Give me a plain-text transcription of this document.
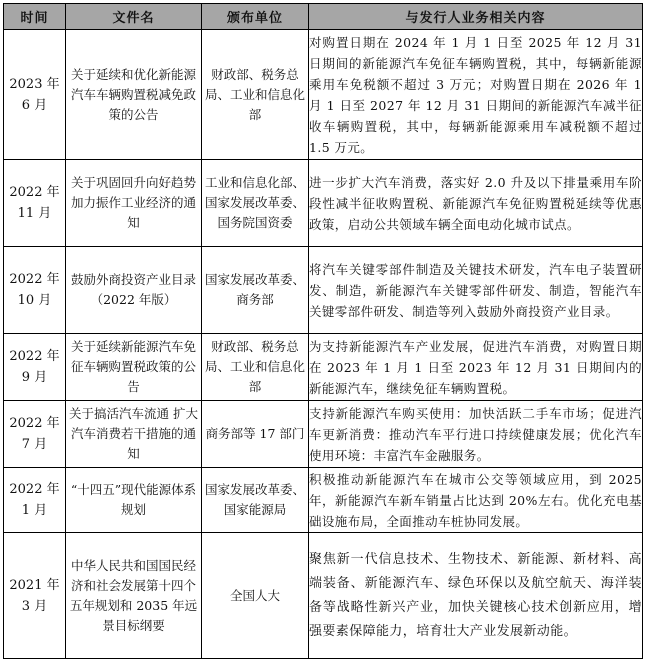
时间	文件名	颁布单位	与发行人业务相关内容
2023 年
6 月	关于延续和优化新能源汽车车辆购置税减免政策的公告	财政部、税务总局、工业和信息化部	对购置日期在 2024 年 1 月 1 日至 2025 年 12 月 31 日期间的新能源汽车免征车辆购置税，其中，每辆新能源乘用车免税额不超过 3 万元；对购置日期在 2026 年 1 月 1 日至 2027 年 12 月 31 日期间的新能源汽车减半征收车辆购置税，其中，每辆新能源乘用车减税额不超过 1.5 万元。
2022 年
11 月	关于巩固回升向好趋势加力振作工业经济的通知	工业和信息化部、国家发展改革委、国务院国资委	进一步扩大汽车消费，落实好 2.0 升及以下排量乘用车阶段性减半征收购置税、新能源汽车免征购置税延续等优惠政策，启动公共领域车辆全面电动化城市试点。
2022 年
10 月	鼓励外商投资产业目录（2022 年版）	国家发展改革委、商务部	将汽车关键零部件制造及关键技术研发，汽车电子装置研发、制造，新能源汽车关键零部件研发、制造，智能汽车关键零部件研发、制造等列入鼓励外商投资产业目录。
2022 年
9 月	关于延续新能源汽车免征车辆购置税政策的公告	财政部、税务总局、工业和信息化部	为支持新能源汽车产业发展，促进汽车消费，对购置日期在 2023 年 1 月 1 日至 2023 年 12 月 31 日期间内的新能源汽车，继续免征车辆购置税。
2022 年
7 月	关于搞活汽车流通 扩大汽车消费若干措施的通知	商务部等 17 部门	支持新能源汽车购买使用：加快活跃二手车市场；促进汽车更新消费：推动汽车平行进口持续健康发展；优化汽车使用环境：丰富汽车金融服务。
2022 年
1 月	“十四五”现代能源体系规划	国家发展改革委、国家能源局	积极推动新能源汽车在城市公交等领域应用，到 2025 年，新能源汽车新车销量占比达到 20%左右。优化充电基础设施布局，全面推动车桩协同发展。
2021 年
3 月	中华人民共和国国民经济和社会发展第十四个五年规划和 2035 年远景目标纲要	全国人大	聚焦新一代信息技术、生物技术、新能源、新材料、高端装备、新能源汽车、绿色环保以及航空航天、海洋装备等战略性新兴产业，加快关键核心技术创新应用，增强要素保障能力，培育壮大产业发展新动能。
